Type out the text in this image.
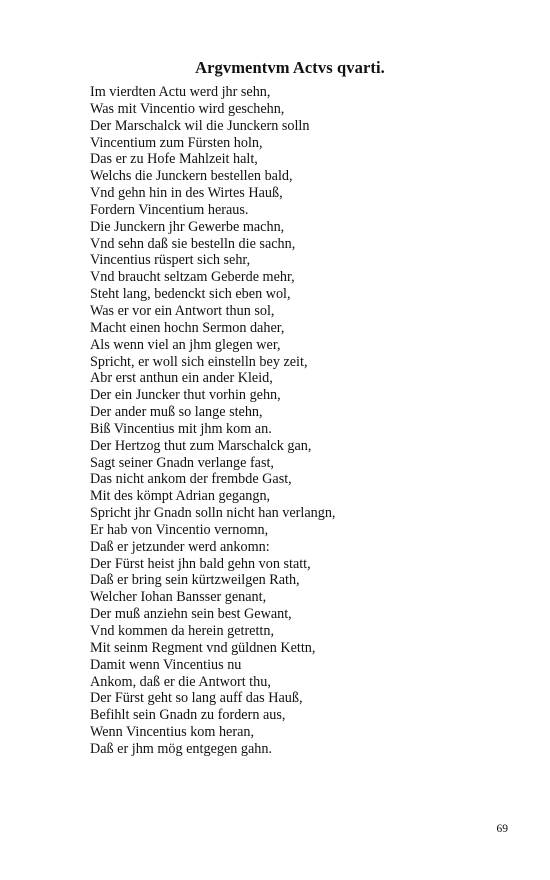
Argvmentvm Actvs qvarti.
Im vierdten Actu werd jhr sehn,
Was mit Vincentio wird geschehn,
Der Marschalck wil die Junckern solln
Vincentium zum Fürsten holn,
Das er zu Hofe Mahlzeit halt,
Welchs die Junckern bestellen bald,
Vnd gehn hin in des Wirtes Hauß,
Fordern Vincentium heraus.
Die Junckern jhr Gewerbe machn,
Vnd sehn daß sie bestelln die sachn,
Vincentius rüspert sich sehr,
Vnd braucht seltzam Geberde mehr,
Steht lang, bedenckt sich eben wol,
Was er vor ein Antwort thun sol,
Macht einen hochn Sermon daher,
Als wenn viel an jhm glegen wer,
Spricht, er woll sich einstelln bey zeit,
Abr erst anthun ein ander Kleid,
Der ein Juncker thut vorhin gehn,
Der ander muß so lange stehn,
Biß Vincentius mit jhm kom an.
Der Hertzog thut zum Marschalck gan,
Sagt seiner Gnadn verlange fast,
Das nicht ankom der frembde Gast,
Mit des kömpt Adrian gegangn,
Spricht jhr Gnadn solln nicht han verlangn,
Er hab von Vincentio vernomn,
Daß er jetzunder werd ankomn:
Der Fürst heist jhn bald gehn von statt,
Daß er bring sein kürtzweilgen Rath,
Welcher Iohan Bansser genant,
Der muß anziehn sein best Gewant,
Vnd kommen da herein getrettn,
Mit seinm Regment vnd güldnen Kettn,
Damit wenn Vincentius nu
Ankom, daß er die Antwort thu,
Der Fürst geht so lang auff das Hauß,
Befihlt sein Gnadn zu fordern aus,
Wenn Vincentius kom heran,
Daß er jhm mög entgegen gahn.
69
